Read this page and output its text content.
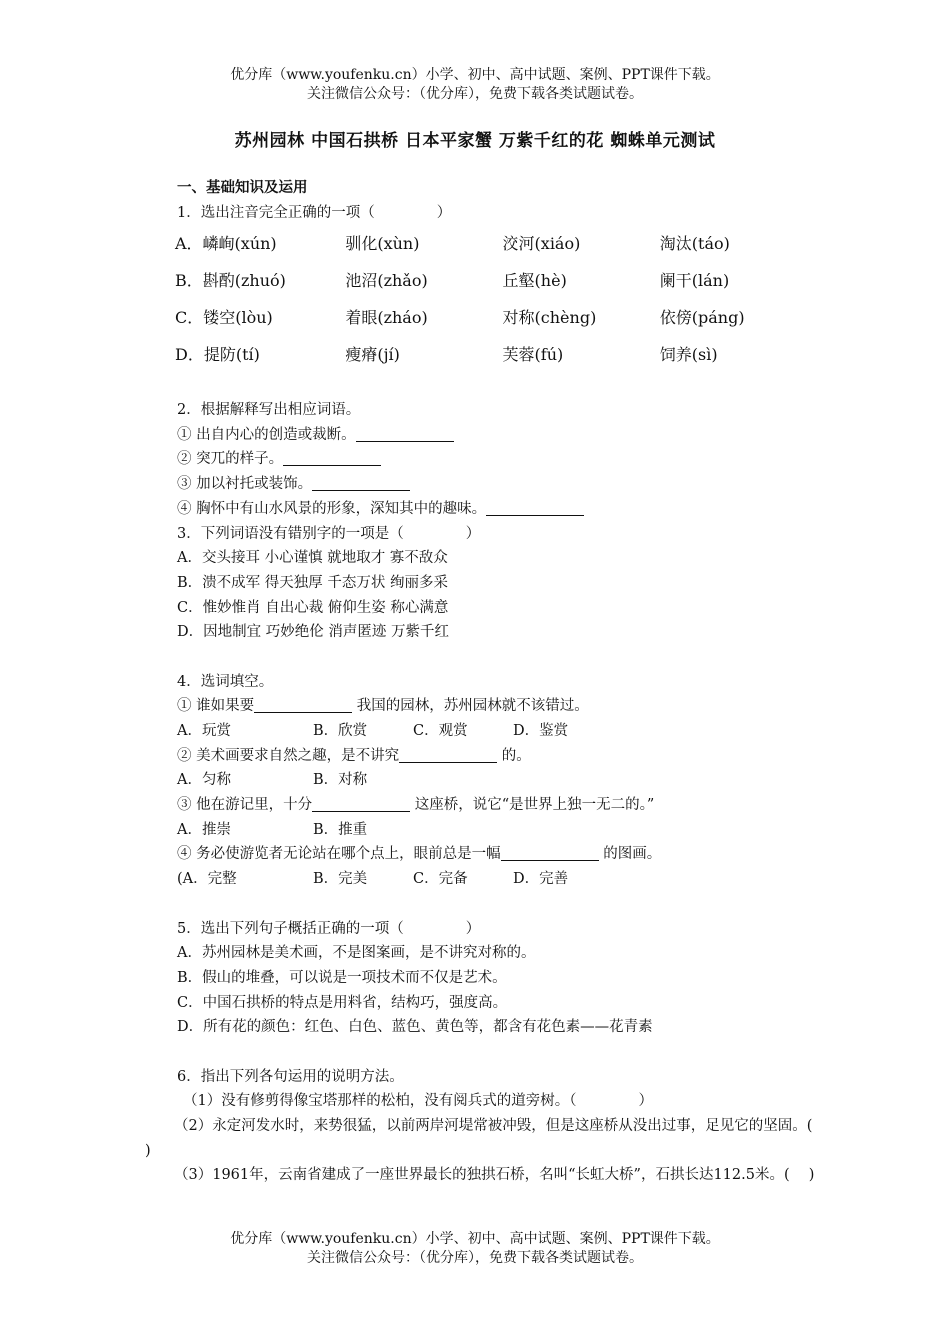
优分库（www.youfenku.cn）小学、初中、高中试题、案例、PPT课件下载。
关注微信公众号：（优分库），免费下载各类试题试卷。
苏州园林 中国石拱桥 日本平家蟹 万紫千红的花 蜘蛛单元测试
一、基础知识及运用
1．选出注音完全正确的一项（	）
A．嶙峋(xún)	驯化(xùn)	洨河(xiáo)	淘汰(táo)
B．斟酌(zhuó)	池沼(zhǎo)	丘壑(hè)	阑干(lán)
C．镂空(lòu)	着眼(zháo)	对称(chèng)	依傍(páng)
D．提防(tí)	瘦瘠(jí)	芙蓉(fú)	饲养(sì)
2．根据解释写出相应词语。
① 出自内心的创造或裁断。
② 突兀的样子。
③ 加以衬托或装饰。
④ 胸怀中有山水风景的形象，深知其中的趣味。
3．下列词语没有错别字的一项是（	）
A．交头接耳 小心谨慎 就地取才 寡不敌众
B．溃不成军 得天独厚 千态万状 绚丽多采
C．惟妙惟肖 自出心裁 俯仰生姿 称心满意
D．因地制宜 巧妙绝伦 消声匿迹 万紫千红
4．选词填空。
① 谁如果要	我国的园林，苏州园林就不该错过。
A．玩赏	B．欣赏	C．观赏	D．鉴赏
② 美术画要求自然之趣，是不讲究	的。
A．匀称	B．对称
③ 他在游记里，十分	这座桥，说它“是世界上独一无二的。”
A．推崇	B．推重
④ 务必使游览者无论站在哪个点上，眼前总是一幅	的图画。
(A．完整	B．完美	C．完备	D．完善
5．选出下列句子概括正确的一项（	）
A．苏州园林是美术画，不是图案画，是不讲究对称的。
B．假山的堆叠，可以说是一项技术而不仅是艺术。
C．中国石拱桥的特点是用料省，结构巧，强度高。
D．所有花的颜色：红色、白色、蓝色、黄色等，都含有花色素——花青素
6．指出下列各句运用的说明方法。
（1）没有修剪得像宝塔那样的松柏，没有阅兵式的道旁树。（	）

（2）永定河发水时，来势很猛，以前两岸河堤常被冲毁，但是这座桥从没出过事，足见它的坚固。(　 )

（3）1961年，云南省建成了一座世界最长的独拱石桥，名叫“长虹大桥”，石拱长达112.5米。(　 )

优分库（www.youfenku.cn）小学、初中、高中试题、案例、PPT课件下载。
关注微信公众号：（优分库），免费下载各类试题试卷。
